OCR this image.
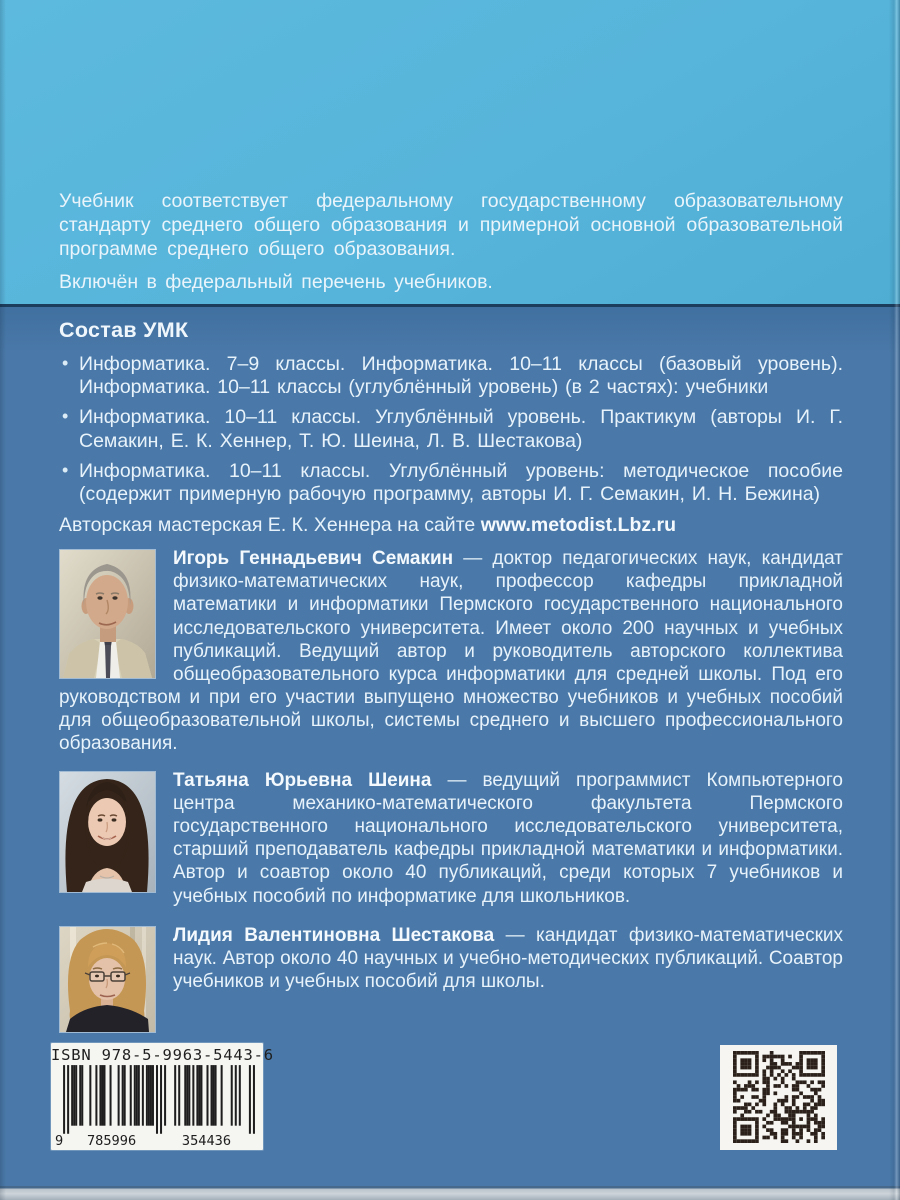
Учебник соответствует федеральному государственному образовательному стандарту среднего общего образования и примерной основной образовательной программе среднего общего образования.

Включён в федеральный перечень учебников.

Состав УМК
• Информатика. 7–9 классы. Информатика. 10–11 классы (базовый уровень). Информатика. 10–11 классы (углублённый уровень) (в 2 частях): учебники
• Информатика. 10–11 классы. Углублённый уровень. Практикум (авторы И. Г. Семакин, Е. К. Хеннер, Т. Ю. Шеина, Л. В. Шестакова)
• Информатика. 10–11 классы. Углублённый уровень: методическое пособие (содержит примерную рабочую программу, авторы И. Г. Семакин, И. Н. Бежина)

Авторская мастерская Е. К. Хеннера на сайте www.metodist.Lbz.ru

Игорь Геннадьевич Семакин — доктор педагогических наук, кандидат физико-математических наук, профессор кафедры прикладной математики и информатики Пермского государственного национального исследовательского университета. Имеет около 200 научных и учебных публикаций. Ведущий автор и руководитель авторского коллектива общеобразовательного курса информатики для средней школы. Под его руководством и при его участии выпущено множество учебников и учебных пособий для общеобразовательной школы, системы среднего и высшего профессионального образования.

Татьяна Юрьевна Шеина — ведущий программист Компьютерного центра механико-математического факультета Пермского государственного национального исследовательского университета, старший преподаватель кафедры прикладной математики и информатики. Автор и соавтор около 40 публикаций, среди которых 7 учебников и учебных пособий по информатике для школьников.

Лидия Валентиновна Шестакова — кандидат физико-математических наук. Автор около 40 научных и учебно-методических публикаций. Соавтор учебников и учебных пособий для школы.

ISBN 978-5-9963-5443-6
9 785996	354436
